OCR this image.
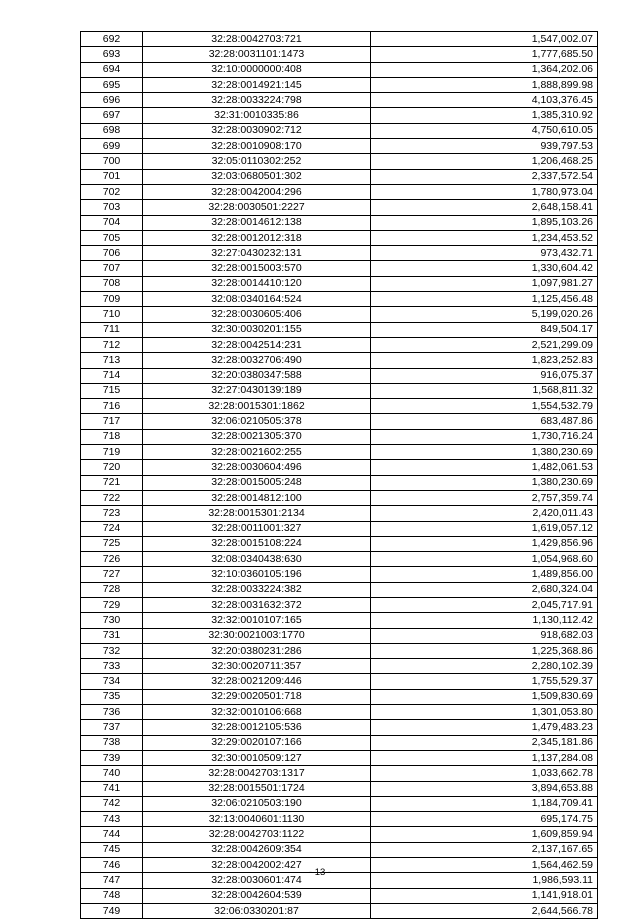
692	32:28:0042703:721	1,547,002.07
693	32:28:0031101:1473	1,777,685.50
694	32:10:0000000:408	1,364,202.06
695	32:28:0014921:145	1,888,899.98
696	32:28:0033224:798	4,103,376.45
697	32:31:0010335:86	1,385,310.92
698	32:28:0030902:712	4,750,610.05
699	32:28:0010908:170	939,797.53
700	32:05:0110302:252	1,206,468.25
701	32:03:0680501:302	2,337,572.54
702	32:28:0042004:296	1,780,973.04
703	32:28:0030501:2227	2,648,158.41
704	32:28:0014612:138	1,895,103.26
705	32:28:0012012:318	1,234,453.52
706	32:27:0430232:131	973,432.71
707	32:28:0015003:570	1,330,604.42
708	32:28:0014410:120	1,097,981.27
709	32:08:0340164:524	1,125,456.48
710	32:28:0030605:406	5,199,020.26
711	32:30:0030201:155	849,504.17
712	32:28:0042514:231	2,521,299.09
713	32:28:0032706:490	1,823,252.83
714	32:20:0380347:588	916,075.37
715	32:27:0430139:189	1,568,811.32
716	32:28:0015301:1862	1,554,532.79
717	32:06:0210505:378	683,487.86
718	32:28:0021305:370	1,730,716.24
719	32:28:0021602:255	1,380,230.69
720	32:28:0030604:496	1,482,061.53
721	32:28:0015005:248	1,380,230.69
722	32:28:0014812:100	2,757,359.74
723	32:28:0015301:2134	2,420,011.43
724	32:28:0011001:327	1,619,057.12
725	32:28:0015108:224	1,429,856.96
726	32:08:0340438:630	1,054,968.60
727	32:10:0360105:196	1,489,856.00
728	32:28:0033224:382	2,680,324.04
729	32:28:0031632:372	2,045,717.91
730	32:32:0010107:165	1,130,112.42
731	32:30:0021003:1770	918,682.03
732	32:20:0380231:286	1,225,368.86
733	32:30:0020711:357	2,280,102.39
734	32:28:0021209:446	1,755,529.37
735	32:29:0020501:718	1,509,830.69
736	32:32:0010106:668	1,301,053.80
737	32:28:0012105:536	1,479,483.23
738	32:29:0020107:166	2,345,181.86
739	32:30:0010509:127	1,137,284.08
740	32:28:0042703:1317	1,033,662.78
741	32:28:0015501:1724	3,894,653.88
742	32:06:0210503:190	1,184,709.41
743	32:13:0040601:1130	695,174.75
744	32:28:0042703:1122	1,609,859.94
745	32:28:0042609:354	2,137,167.65
746	32:28:0042002:427	1,564,462.59
747	32:28:0030601:474	1,986,593.11
748	32:28:0042604:539	1,141,918.01
749	32:06:0330201:87	2,644,566.78
- 13 -
